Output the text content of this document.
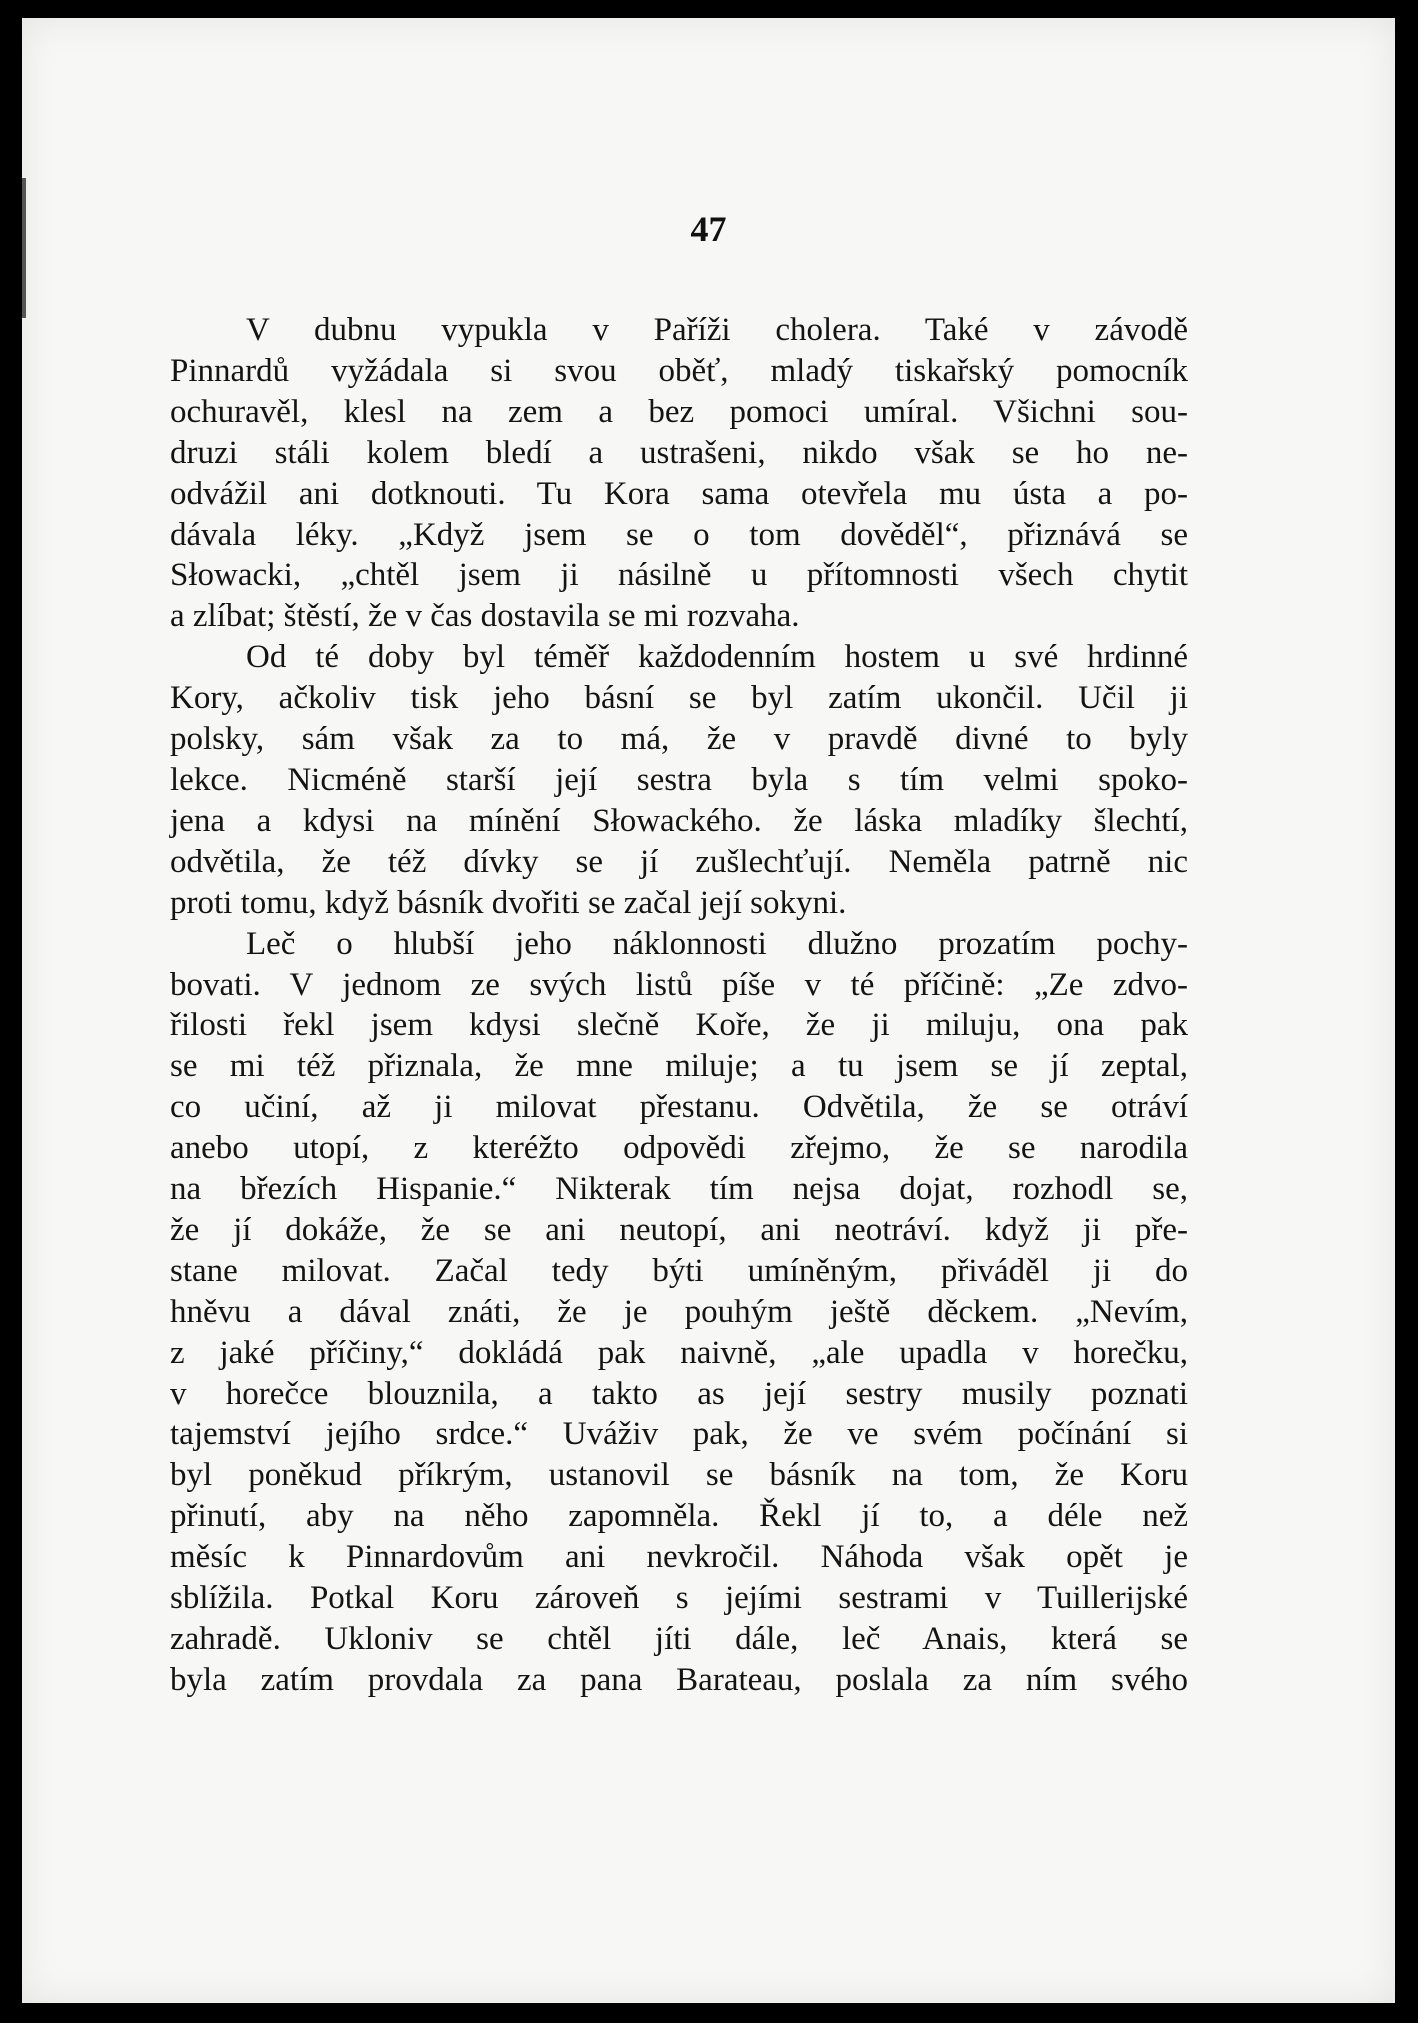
47
V dubnu vypukla v Paříži cholera. Také v závodě
Pinnardů vyžádala si svou oběť, mladý tiskařský pomocník
ochuravěl, klesl na zem a bez pomoci umíral. Všichni sou-
druzi stáli kolem bledí a ustrašeni, nikdo však se ho ne-
odvážil ani dotknouti. Tu Kora sama otevřela mu ústa a po-
dávala léky. „Když jsem se o tom dověděl“, přiznává se
Słowacki, „chtěl jsem ji násilně u přítomnosti všech chytit
a zlíbat; štěstí, že v čas dostavila se mi rozvaha.
Od té doby byl téměř každodenním hostem u své hrdinné
Kory, ačkoliv tisk jeho básní se byl zatím ukončil. Učil ji
polsky, sám však za to má, že v pravdě divné to byly
lekce. Nicméně starší její sestra byla s tím velmi spoko-
jena a kdysi na mínění Słowackého. že láska mladíky šlechtí,
odvětila, že též dívky se jí zušlechťují. Neměla patrně nic
proti tomu, když básník dvořiti se začal její sokyni.
Leč o hlubší jeho náklonnosti dlužno prozatím pochy-
bovati. V jednom ze svých listů píše v té příčině: „Ze zdvo-
řilosti řekl jsem kdysi slečně Koře, že ji miluju, ona pak
se mi též přiznala, že mne miluje; a tu jsem se jí zeptal,
co učiní, až ji milovat přestanu. Odvětila, že se otráví
anebo utopí, z kteréžto odpovědi zřejmo, že se narodila
na březích Hispanie.“ Nikterak tím nejsa dojat, rozhodl se,
že jí dokáže, že se ani neutopí, ani neotráví. když ji pře-
stane milovat. Začal tedy býti umíněným, přiváděl ji do
hněvu a dával znáti, že je pouhým ještě děckem. „Nevím,
z jaké příčiny,“ dokládá pak naivně, „ale upadla v horečku,
v horečce blouznila, a takto as její sestry musily poznati
tajemství jejího srdce.“ Uváživ pak, že ve svém počínání si
byl poněkud příkrým, ustanovil se básník na tom, že Koru
přinutí, aby na něho zapomněla. Řekl jí to, a déle než
měsíc k Pinnardovům ani nevkročil. Náhoda však opět je
sblížila. Potkal Koru zároveň s jejími sestrami v Tuillerijské
zahradě. Ukloniv se chtěl jíti dále, leč Anais, která se
byla zatím provdala za pana Barateau, poslala za ním svého
